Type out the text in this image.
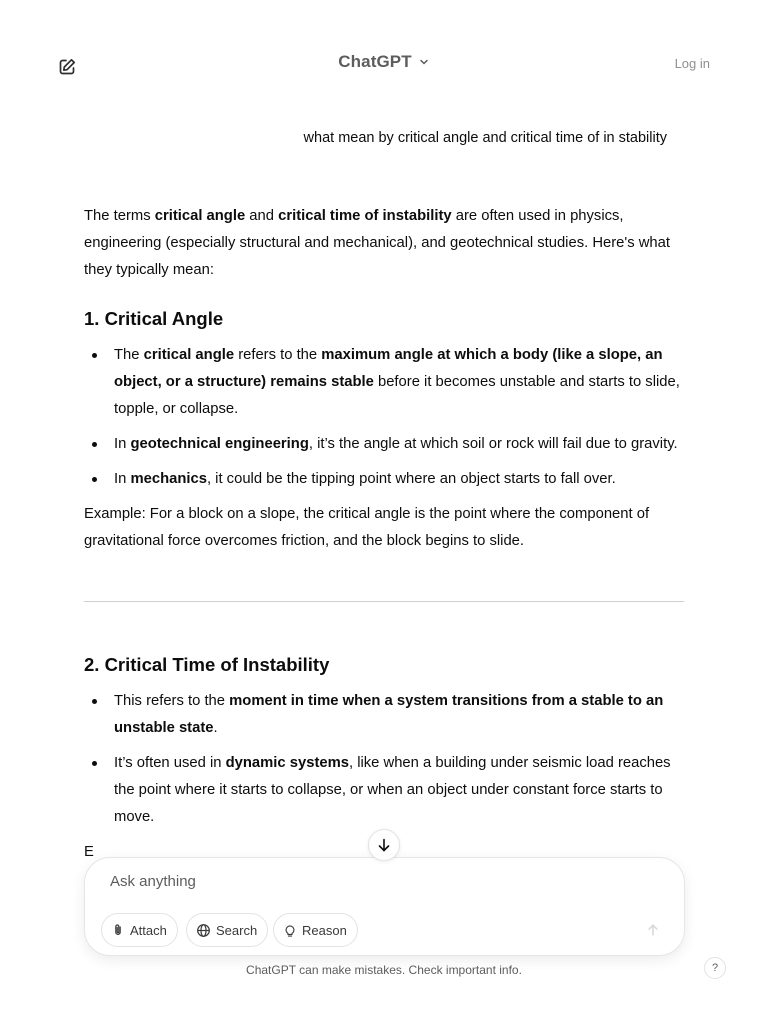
ChatGPT	Log in
what mean by critical angle and critical time of in stability

The terms critical angle and critical time of instability are often used in physics, engineering (especially structural and mechanical), and geotechnical studies. Here's what they typically mean:

1. Critical Angle
The critical angle refers to the maximum angle at which a body (like a slope, an object, or a structure) remains stable before it becomes unstable and starts to slide, topple, or collapse.
In geotechnical engineering, it’s the angle at which soil or rock will fail due to gravity.
In mechanics, it could be the tipping point where an object starts to fall over.

Example: For a block on a slope, the critical angle is the point where the component of gravitational force overcomes friction, and the block begins to slide.

2. Critical Time of Instability
This refers to the moment in time when a system transitions from a stable to an unstable state.
It’s often used in dynamic systems, like when a building under seismic load reaches the point where it starts to collapse, or when an object under constant force starts to move.

E

Ask anything
Attach	Search	Reason
ChatGPT can make mistakes. Check important info.	?
